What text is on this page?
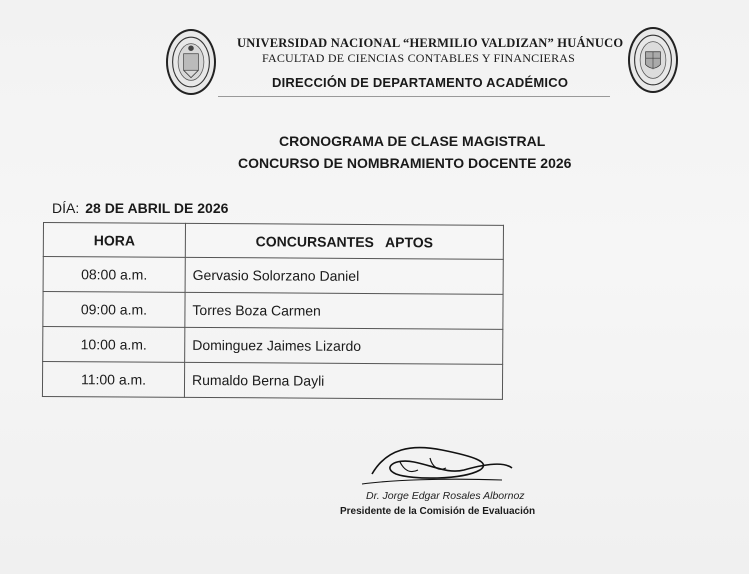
UNIVERSIDAD NACIONAL “HERMILIO VALDIZAN” HUÁNUCO
FACULTAD DE CIENCIAS CONTABLES Y FINANCIERAS
DIRECCIÓN DE DEPARTAMENTO ACADÉMICO
CRONOGRAMA DE CLASE MAGISTRAL
CONCURSO DE NOMBRAMIENTO DOCENTE 2026
DÍA: 28 DE ABRIL DE 2026
HORA	CONCURSANTES   APTOS
08:00 a.m.	Gervasio Solorzano Daniel
09:00 a.m.	Torres Boza Carmen
10:00 a.m.	Dominguez Jaimes Lizardo
11:00 a.m.	Rumaldo Berna Dayli
Dr. Jorge Edgar Rosales Albornoz
Presidente de la Comisión de Evaluación
